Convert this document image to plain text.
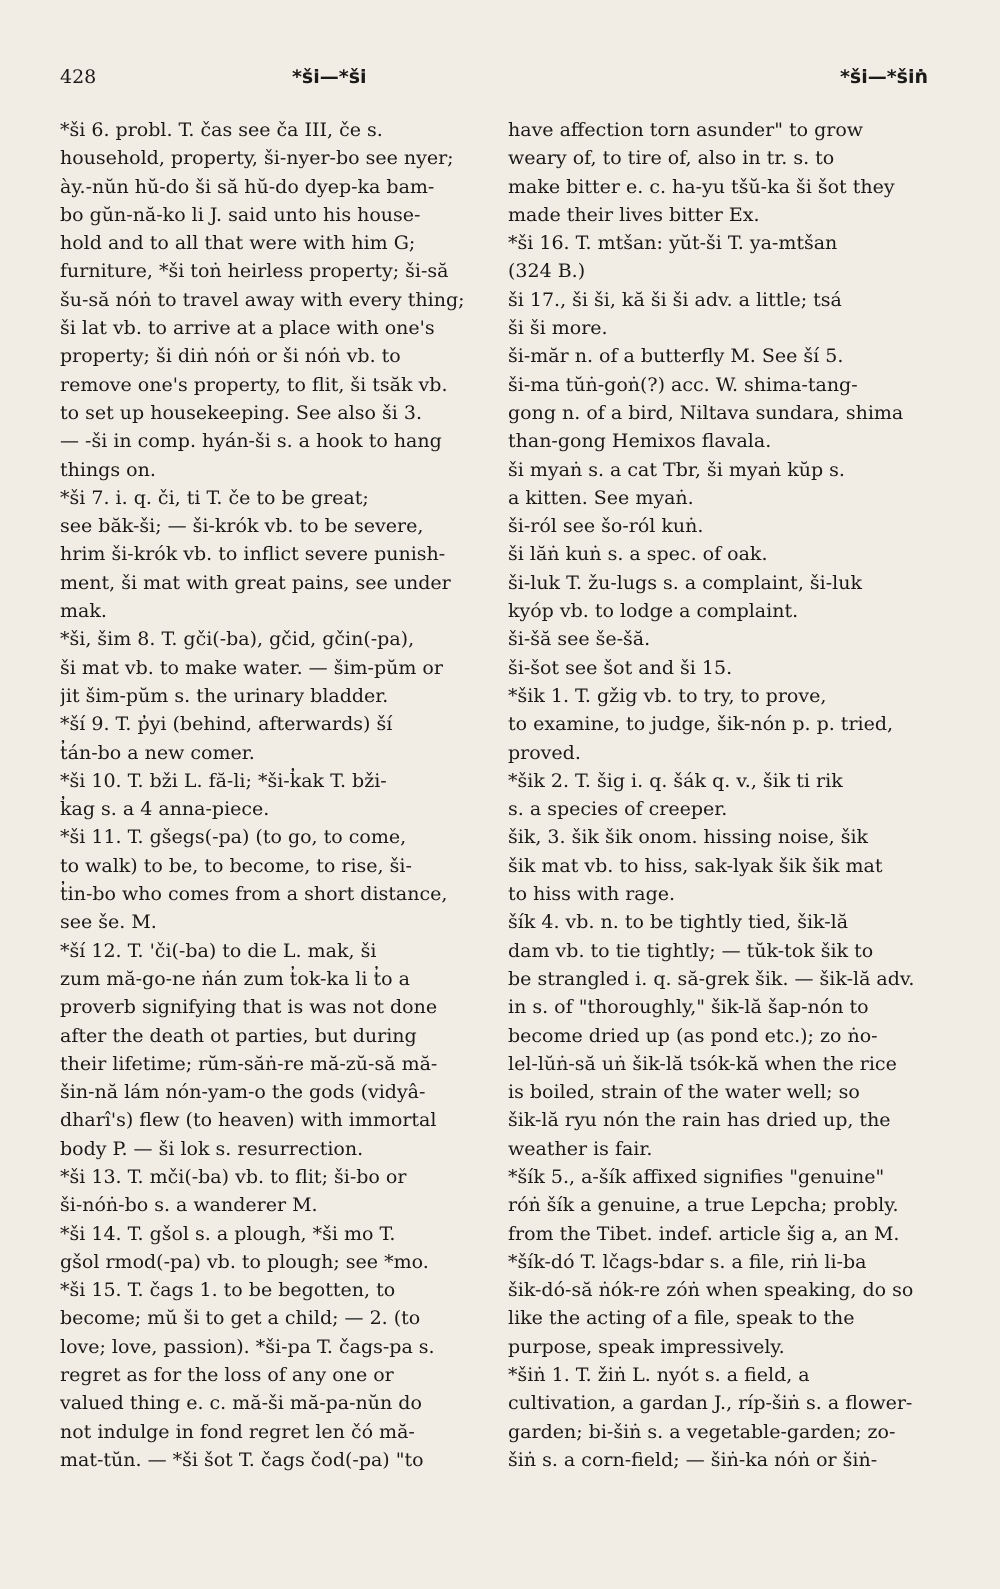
428	*ši—*ši	*ši—*šiṅ
*ši 6. probl. T. čas see ča III, če s.
household, property, ši-nyer-bo see nyer;
ày.-nŭn hŭ-do ši să hŭ-do dyep-ka bam-
bo gŭn-nă-ko li J. said unto his house-
hold and to all that were with him G;
furniture, *ši toṅ heirless property; ši-să
šu-să nóṅ to travel away with every thing;
ši lat vb. to arrive at a place with one's
property; ši diṅ nóṅ or ši nóṅ vb. to
remove one's property, to flit, ši tsăk vb.
to set up housekeeping. See also ši 3.
— -ši in comp. hyán-ši s. a hook to hang
things on.
*ši 7. i. q. či, ti T. če to be great;
see băk-ši; — ši-krók vb. to be severe,
hrim ši-krók vb. to inflict severe punish-
ment, ši mat with great pains, see under
mak.
*ši, šim 8. T. gči(-ba), gčid, gčin(-pa),
ši mat vb. to make water. — šim-pŭm or
jit šim-pŭm s. the urinary bladder.
*ší 9. T. p̓yi (behind, afterwards) ší
t̓án-bo a new comer.
*ši 10. T. bži L. fă-li; *ši-k̓ak T. bži-
k̓ag s. a 4 anna-piece.
*ši 11. T. gšegs(-pa) (to go, to come,
to walk) to be, to become, to rise, ši-
t̓in-bo who comes from a short distance,
see še. M.
*ší 12. T. 'či(-ba) to die L. mak, ši
zum mă-go-ne ṅán zum t̓ok-ka li t̓o a
proverb signifying that is was not done
after the death ot parties, but during
their lifetime; rŭm-săṅ-re mă-zŭ-să mă-
šin-nă lám nón-yam-o the gods (vidyâ-
dharî's) flew (to heaven) with immortal
body P. — ši lok s. resurrection.
*ši 13. T. mči(-ba) vb. to flit; ši-bo or
ši-nóṅ-bo s. a wanderer M.
*ši 14. T. gšol s. a plough, *ši mo T.
gšol rmod(-pa) vb. to plough; see *mo.
*ši 15. T. čags 1. to be begotten, to
become; mŭ ši to get a child; — 2. (to
love; love, passion). *ši-pa T. čags-pa s.
regret as for the loss of any one or
valued thing e. c. mă-ši mă-pa-nŭn do
not indulge in fond regret len čó mă-
mat-tŭn. — *ši šot T. čags čod(-pa) "to
have affection torn asunder" to grow
weary of, to tire of, also in tr. s. to
make bitter e. c. ha-yu tšŭ-ka ši šot they
made their lives bitter Ex.
*ši 16. T. mtšan: yŭt-ši T. ya-mtšan
(324 B.)
ši 17., ši ši, kă ši ši adv. a little; tsá
ši ši more.
ši-măr n. of a butterfly M. See ší 5.
ši-ma tŭṅ-goṅ(?) acc. W. shima-tang-
gong n. of a bird, Niltava sundara, shima
than-gong Hemixos flavala.
ši myaṅ s. a cat Tbr, ši myaṅ kŭp s.
a kitten. See myaṅ.
ši-ról see šo-ról kuṅ.
ši lăṅ kuṅ s. a spec. of oak.
ši-luk T. žu-lugs s. a complaint, ši-luk
kyóp vb. to lodge a complaint.
ši-šă see še-šă.
ši-šot see šot and ši 15.
*šik 1. T. gžig vb. to try, to prove,
to examine, to judge, šik-nón p. p. tried,
proved.
*šik 2. T. šig i. q. šák q. v., šik ti rik
s. a species of creeper.
šik, 3. šik šik onom. hissing noise, šik
šik mat vb. to hiss, sak-lyak šik šik mat
to hiss with rage.
šík 4. vb. n. to be tightly tied, šik-lă
dam vb. to tie tightly; — tŭk-tok šik to
be strangled i. q. să-grek šik. — šik-lă adv.
in s. of "thoroughly," šik-lă šap-nón to
become dried up (as pond etc.); zo ṅo-
lel-lŭṅ-să uṅ šik-lă tsók-kă when the rice
is boiled, strain of the water well; so
šik-lă ryu nón the rain has dried up, the
weather is fair.
*šík 5., a-šík affixed signifies "genuine"
róṅ šík a genuine, a true Lepcha; probly.
from the Tibet. indef. article šig a, an M.
*šík-dó T. lčags-bdar s. a file, riṅ li-ba
šik-dó-să ṅók-re zóṅ when speaking, do so
like the acting of a file, speak to the
purpose, speak impressively.
*šiṅ 1. T. žiṅ L. nyót s. a field, a
cultivation, a gardan J., ríp-šiṅ s. a flower-
garden; bi-šiṅ s. a vegetable-garden; zo-
šiṅ s. a corn-field; — šiṅ-ka nóṅ or šiṅ-
